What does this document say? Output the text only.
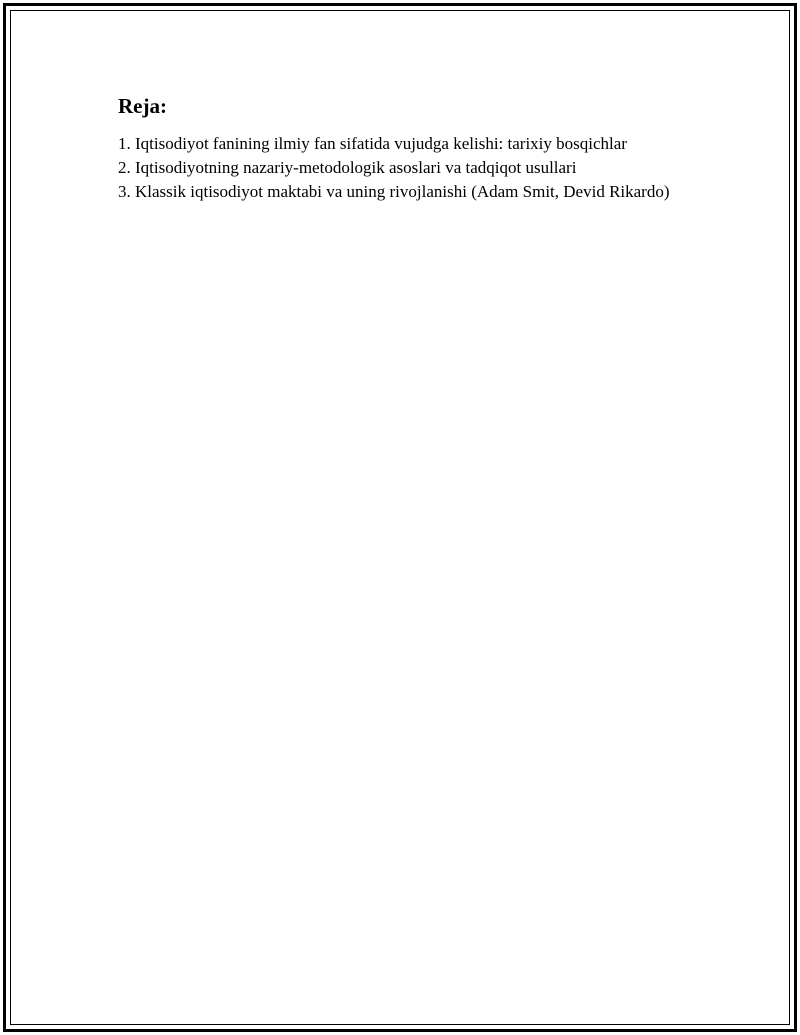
Reja:
1. Iqtisodiyot fanining ilmiy fan sifatida vujudga kelishi: tarixiy bosqichlar
2. Iqtisodiyotning nazariy-metodologik asoslari va tadqiqot usullari
3. Klassik iqtisodiyot maktabi va uning rivojlanishi (Adam Smit, Devid Rikardo)
